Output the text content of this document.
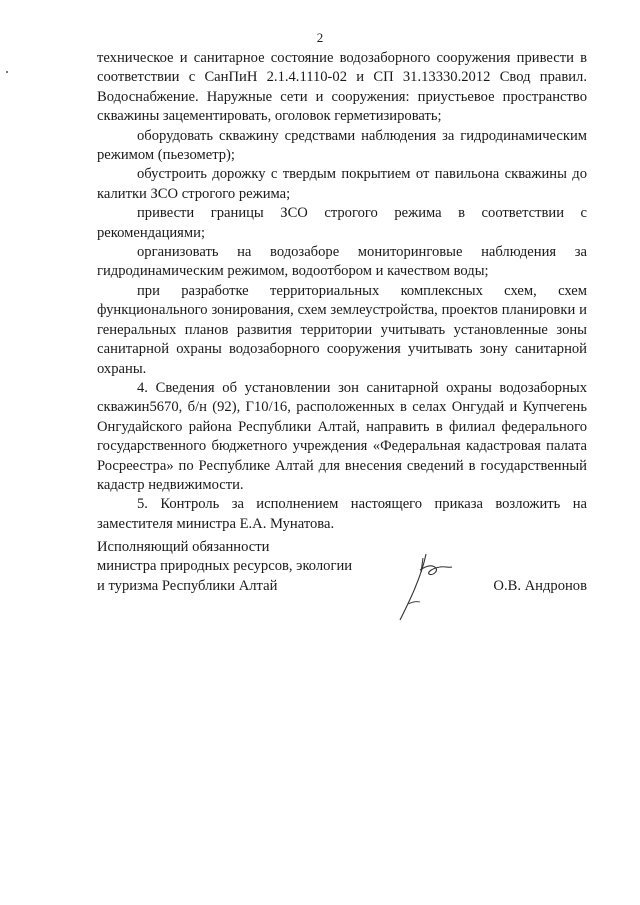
2

техническое и санитарное состояние водозаборного сооружения привести в соответствии с СанПиН 2.1.4.1110-02 и СП 31.13330.2012 Свод правил. Водоснабжение. Наружные сети и сооружения: приустьевое пространство скважины зацементировать, оголовок герметизировать;

оборудовать скважину средствами наблюдения за гидродинамическим режимом (пьезометр);

обустроить дорожку с твердым покрытием от павильона скважины до калитки ЗСО строгого режима;

привести границы ЗСО строгого режима в соответствии с рекомендациями;

организовать на водозаборе мониторинговые наблюдения за гидродинамическим режимом, водоотбором и качеством воды;

при разработке территориальных комплексных схем, схем функционального зонирования, схем землеустройства, проектов планировки и генеральных планов развития территории учитывать установленные зоны санитарной охраны водозаборного сооружения учитывать зону санитарной охраны.

4. Сведения об установлении зон санитарной охраны водозаборных скважин5670, б/н (92), Г10/16, расположенных в селах Онгудай и Купчегень Онгудайского района Республики Алтай, направить в филиал федерального государственного бюджетного учреждения «Федеральная кадастровая палата Росреестра» по Республике Алтай для внесения сведений в государственный кадастр недвижимости.

5. Контроль за исполнением настоящего приказа возложить на заместителя министра Е.А. Мунатова.

Исполняющий обязанности
министра природных ресурсов, экологии
и туризма Республики Алтай	О.В. Андронов
